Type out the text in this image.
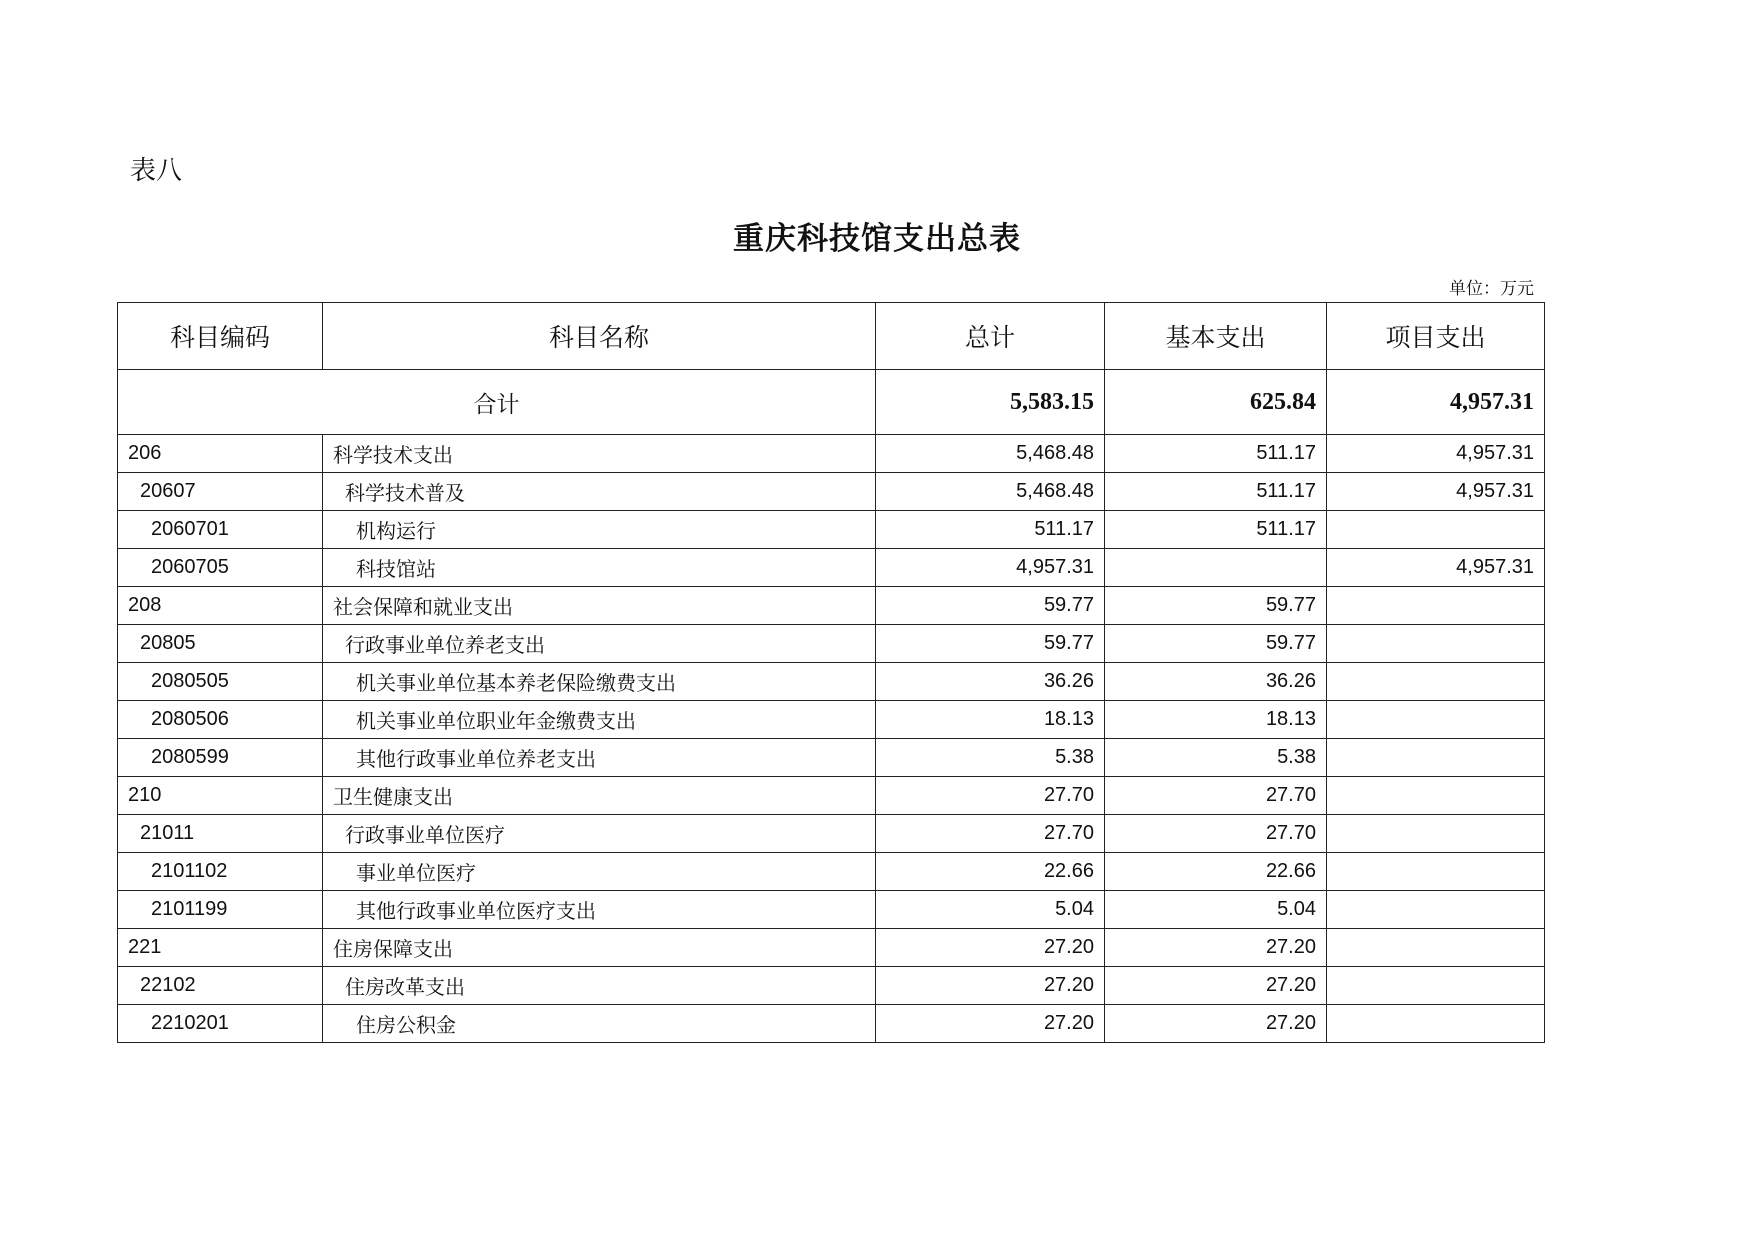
表八
重庆科技馆支出总表
单位：万元
科目编码	科目名称	总计	基本支出	项目支出
合计		5,583.15	625.84	4,957.31
206	科学技术支出	5,468.48	511.17	4,957.31
20607	科学技术普及	5,468.48	511.17	4,957.31
2060701	机构运行	511.17	511.17	
2060705	科技馆站	4,957.31		4,957.31
208	社会保障和就业支出	59.77	59.77	
20805	行政事业单位养老支出	59.77	59.77	
2080505	机关事业单位基本养老保险缴费支出	36.26	36.26	
2080506	机关事业单位职业年金缴费支出	18.13	18.13	
2080599	其他行政事业单位养老支出	5.38	5.38	
210	卫生健康支出	27.70	27.70	
21011	行政事业单位医疗	27.70	27.70	
2101102	事业单位医疗	22.66	22.66	
2101199	其他行政事业单位医疗支出	5.04	5.04	
221	住房保障支出	27.20	27.20	
22102	住房改革支出	27.20	27.20	
2210201	住房公积金	27.20	27.20	
